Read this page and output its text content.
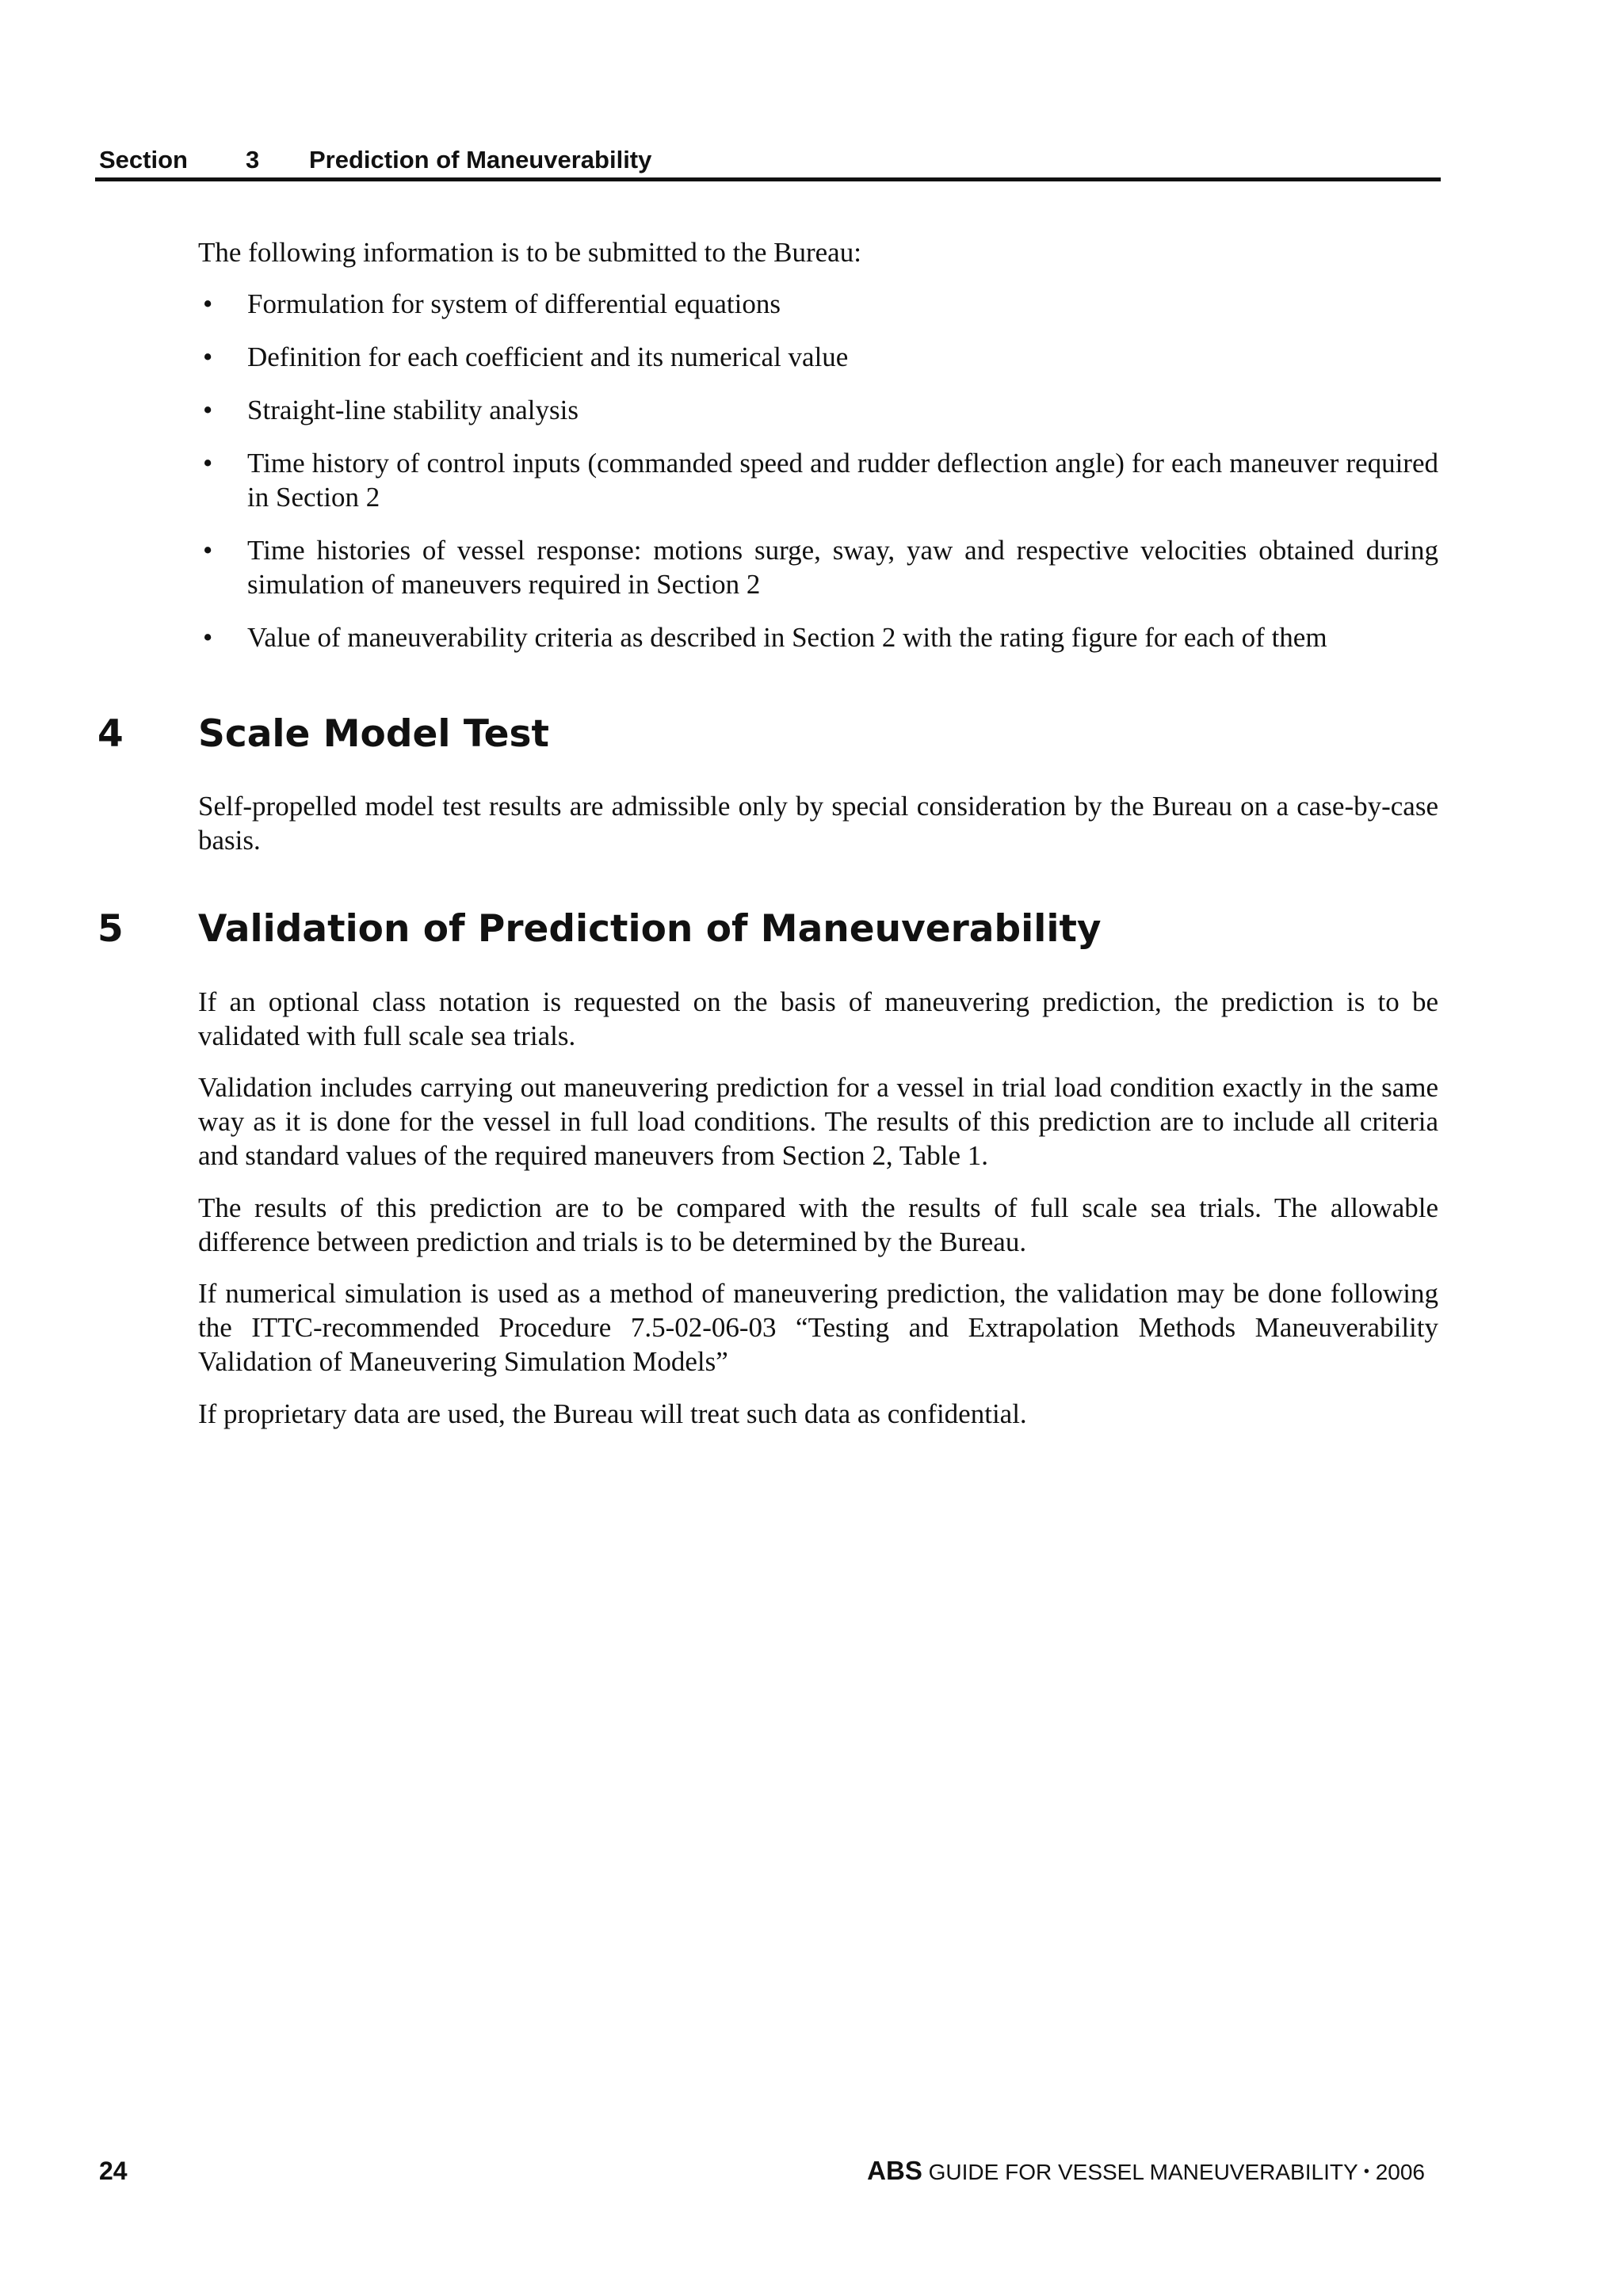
Section 3 Prediction of Maneuverability

The following information is to be submitted to the Bureau:

• Formulation for system of differential equations
• Definition for each coefficient and its numerical value
• Straight-line stability analysis
• Time history of control inputs (commanded speed and rudder deflection angle) for each maneuver required in Section 2
• Time histories of vessel response: motions surge, sway, yaw and respective velocities obtained during simulation of maneuvers required in Section 2
• Value of maneuverability criteria as described in Section 2 with the rating figure for each of them
4 Scale Model Test

Self-propelled model test results are admissible only by special consideration by the Bureau on a case-by-case basis.

5 Validation of Prediction of Maneuverability

If an optional class notation is requested on the basis of maneuvering prediction, the prediction is to be validated with full scale sea trials.

Validation includes carrying out maneuvering prediction for a vessel in trial load condition exactly in the same way as it is done for the vessel in full load conditions. The results of this prediction are to include all criteria and standard values of the required maneuvers from Section 2, Table 1.

The results of this prediction are to be compared with the results of full scale sea trials. The allowable difference between prediction and trials is to be determined by the Bureau.

If numerical simulation is used as a method of maneuvering prediction, the validation may be done following the ITTC-recommended Procedure 7.5-02-06-03 “Testing and Extrapolation Methods Maneuverability Validation of Maneuvering Simulation Models”

If proprietary data are used, the Bureau will treat such data as confidential.

24	ABS GUIDE FOR VESSEL MANEUVERABILITY • 2006
